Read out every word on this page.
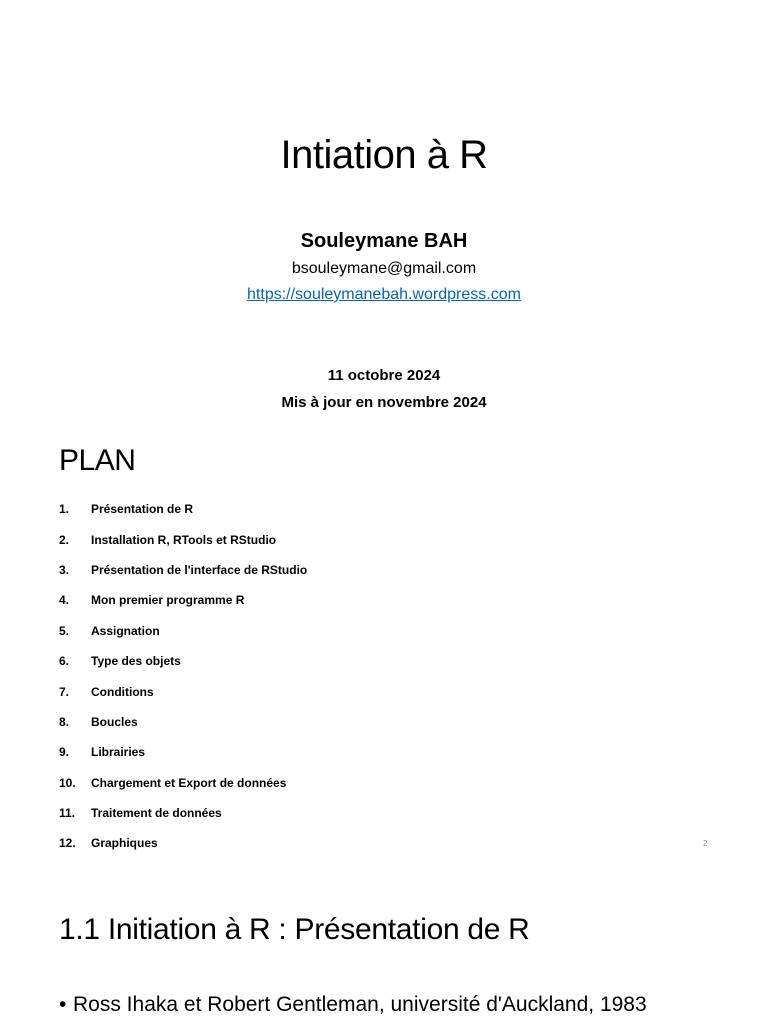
Intiation à R
Souleymane BAH
bsouleymane@gmail.com
https://souleymanebah.wordpress.com
11 octobre 2024
Mis à jour en novembre 2024
PLAN
1.	Présentation de R
2.	Installation R, RTools et RStudio
3.	Présentation de l'interface de RStudio
4.	Mon premier programme R
5.	Assignation
6.	Type des objets
7.	Conditions
8.	Boucles
9.	Librairies
10.	Chargement et Export de données
11.	Traitement de données
12.	Graphiques	2
1.1 Initiation à R : Présentation de R
• Ross Ihaka et Robert Gentleman, université d'Auckland, 1983
